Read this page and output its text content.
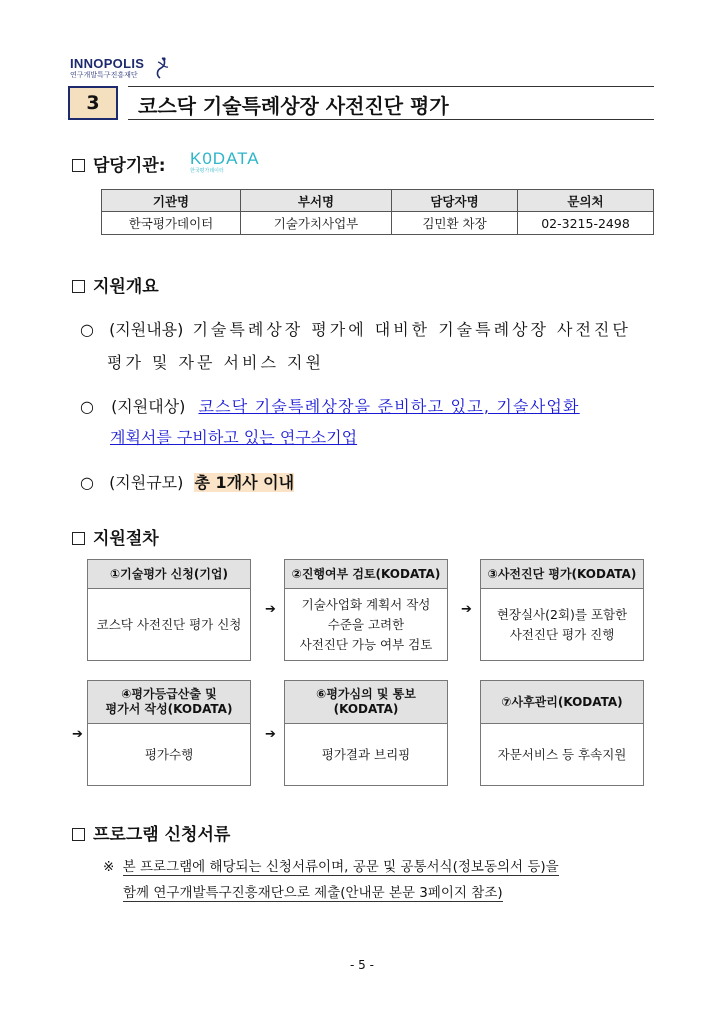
INNOPOLIS
연구개발특구진흥재단
3	코스닥 기술특례상장 사전진단 평가
담당기관: K0DATA
한국평가데이터
기관명	부서명	담당자명	문의처
한국평가데이터	기술가치사업부	김민환 차장	02-3215-2498
지원개요
○ (지원내용) 기술특례상장 평가에 대비한 기술특례상장 사전진단
평가 및 자문 서비스 지원
○ (지원대상) 코스닥 기술특례상장을 준비하고 있고, 기술사업화
계획서를 구비하고 있는 연구소기업
○ (지원규모) 총 1개사 이내
지원절차
①기술평가 신청(기업)
코스닥 사전진단 평가 신청
➔
②진행여부 검토(KODATA)
기술사업화 계획서 작성
수준을 고려한
사전진단 가능 여부 검토
➔
③사전진단 평가(KODATA)
현장실사(2회)를 포함한
사전진단 평가 진행
➔
④평가등급산출 및
평가서 작성(KODATA)
평가수행
➔
⑥평가심의 및 통보
(KODATA)
평가결과 브리핑
⑦사후관리(KODATA)
자문서비스 등 후속지원
프로그램 신청서류
※ 본 프로그램에 해당되는 신청서류이며, 공문 및 공통서식(정보동의서 등)을
함께 연구개발특구진흥재단으로 제출(안내문 본문 3페이지 참조)
- 5 -
